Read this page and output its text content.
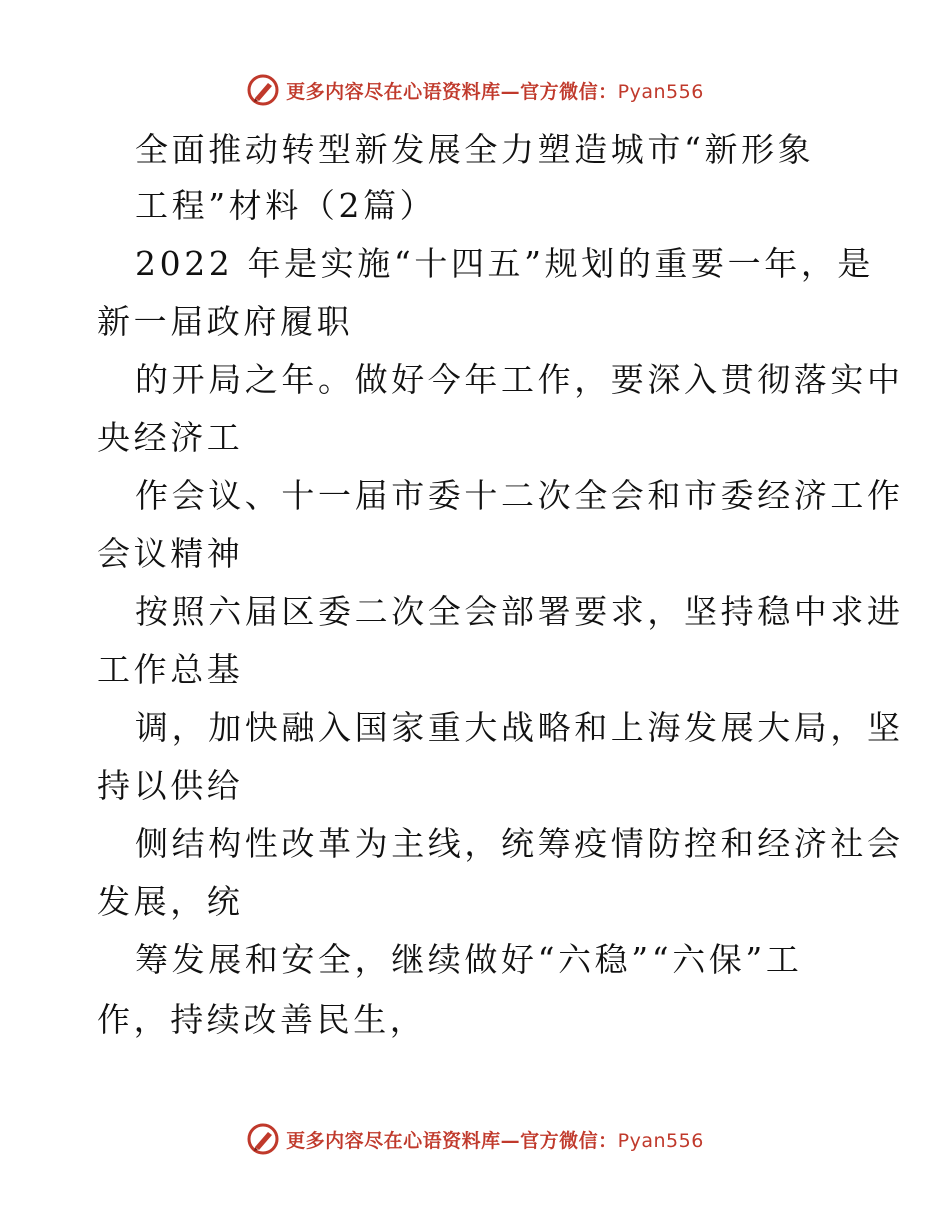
更多内容尽在心语资料库—官方微信：Pyan556
全面推动转型新发展全力塑造城市“新形象
工程”材料（2篇）
2022 年是实施“十四五”规划的重要一年，是
新一届政府履职
的开局之年。做好今年工作，要深入贯彻落实中
央经济工
作会议、十一届市委十二次全会和市委经济工作
会议精神
按照六届区委二次全会部署要求，坚持稳中求进
工作总基
调，加快融入国家重大战略和上海发展大局，坚
持以供给
侧结构性改革为主线，统筹疫情防控和经济社会
发展，统
筹发展和安全，继续做好“六稳”“六保”工
作，持续改善民生，
更多内容尽在心语资料库—官方微信：Pyan556
